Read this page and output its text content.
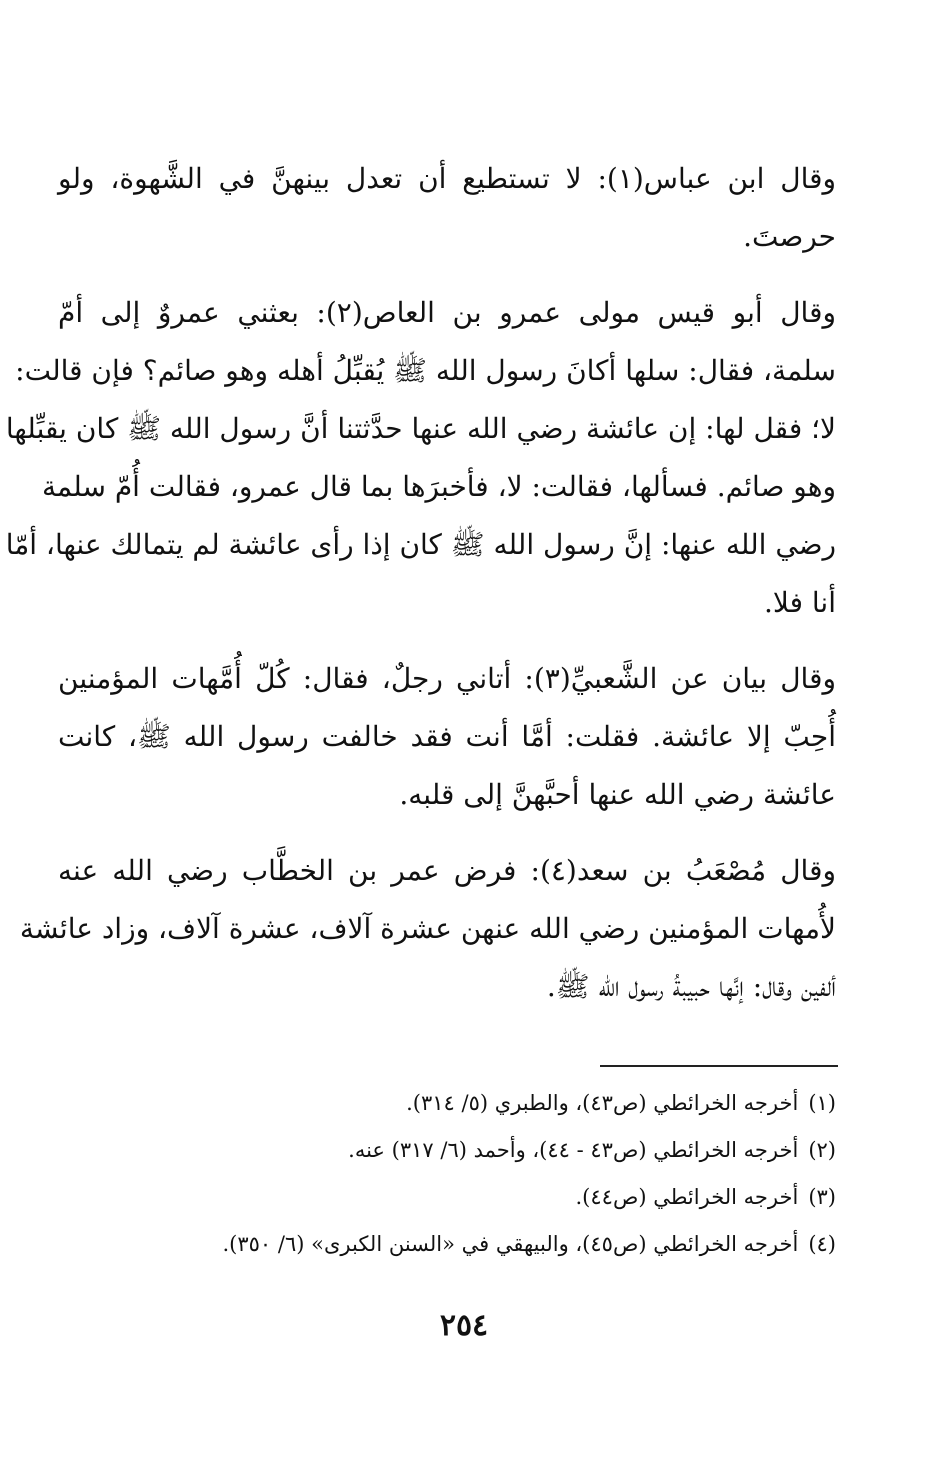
وقال ابن عباس(١): لا تستطيع أن تعدل بينهنَّ في الشَّهوة، ولو
حرصتَ.

وقال أبو قيس مولى عمرو بن العاص(٢): بعثني عمروٌ إلى أمّ
سلمة، فقال: سلها أكانَ رسول الله ﷺ يُقبِّلُ أهله وهو صائم؟ فإن قالت:
لا؛ فقل لها: إن عائشة رضي الله عنها حدَّثتنا أنَّ رسول الله ﷺ كان يقبِّلها
وهو صائم. فسألها، فقالت: لا، فأخبرَها بما قال عمرو، فقالت أُمّ سلمة
رضي الله عنها: إنَّ رسول الله ﷺ كان إذا رأى عائشة لم يتمالك عنها، أمّا
أنا فلا.

وقال بيان عن الشَّعبيِّ(٣): أتاني رجلٌ، فقال: كُلّ أُمَّهات المؤمنين
أُحِبّ إلا عائشة. فقلت: أمَّا أنت فقد خالفت رسول الله ﷺ، كانت
عائشة رضي الله عنها أحبَّهنَّ إلى قلبه.

وقال مُصْعَبُ بن سعد(٤): فرض عمر بن الخطَّاب رضي الله عنه
لأُمهات المؤمنين رضي الله عنهن عشرة آلاف، عشرة آلاف، وزاد عائشة
ألفين وقال: إنَّها حبيبةُ رسول الله ﷺ.

(١)أخرجه الخرائطي (ص٤٣)، والطبري (٥/ ٣١٤).
(٢)أخرجه الخرائطي (ص٤٣ - ٤٤)، وأحمد (٦/ ٣١٧) عنه.
(٣)أخرجه الخرائطي (ص٤٤).
(٤)أخرجه الخرائطي (ص٤٥)، والبيهقي في «السنن الكبرى» (٦/ ٣٥٠).
٢٥٤
